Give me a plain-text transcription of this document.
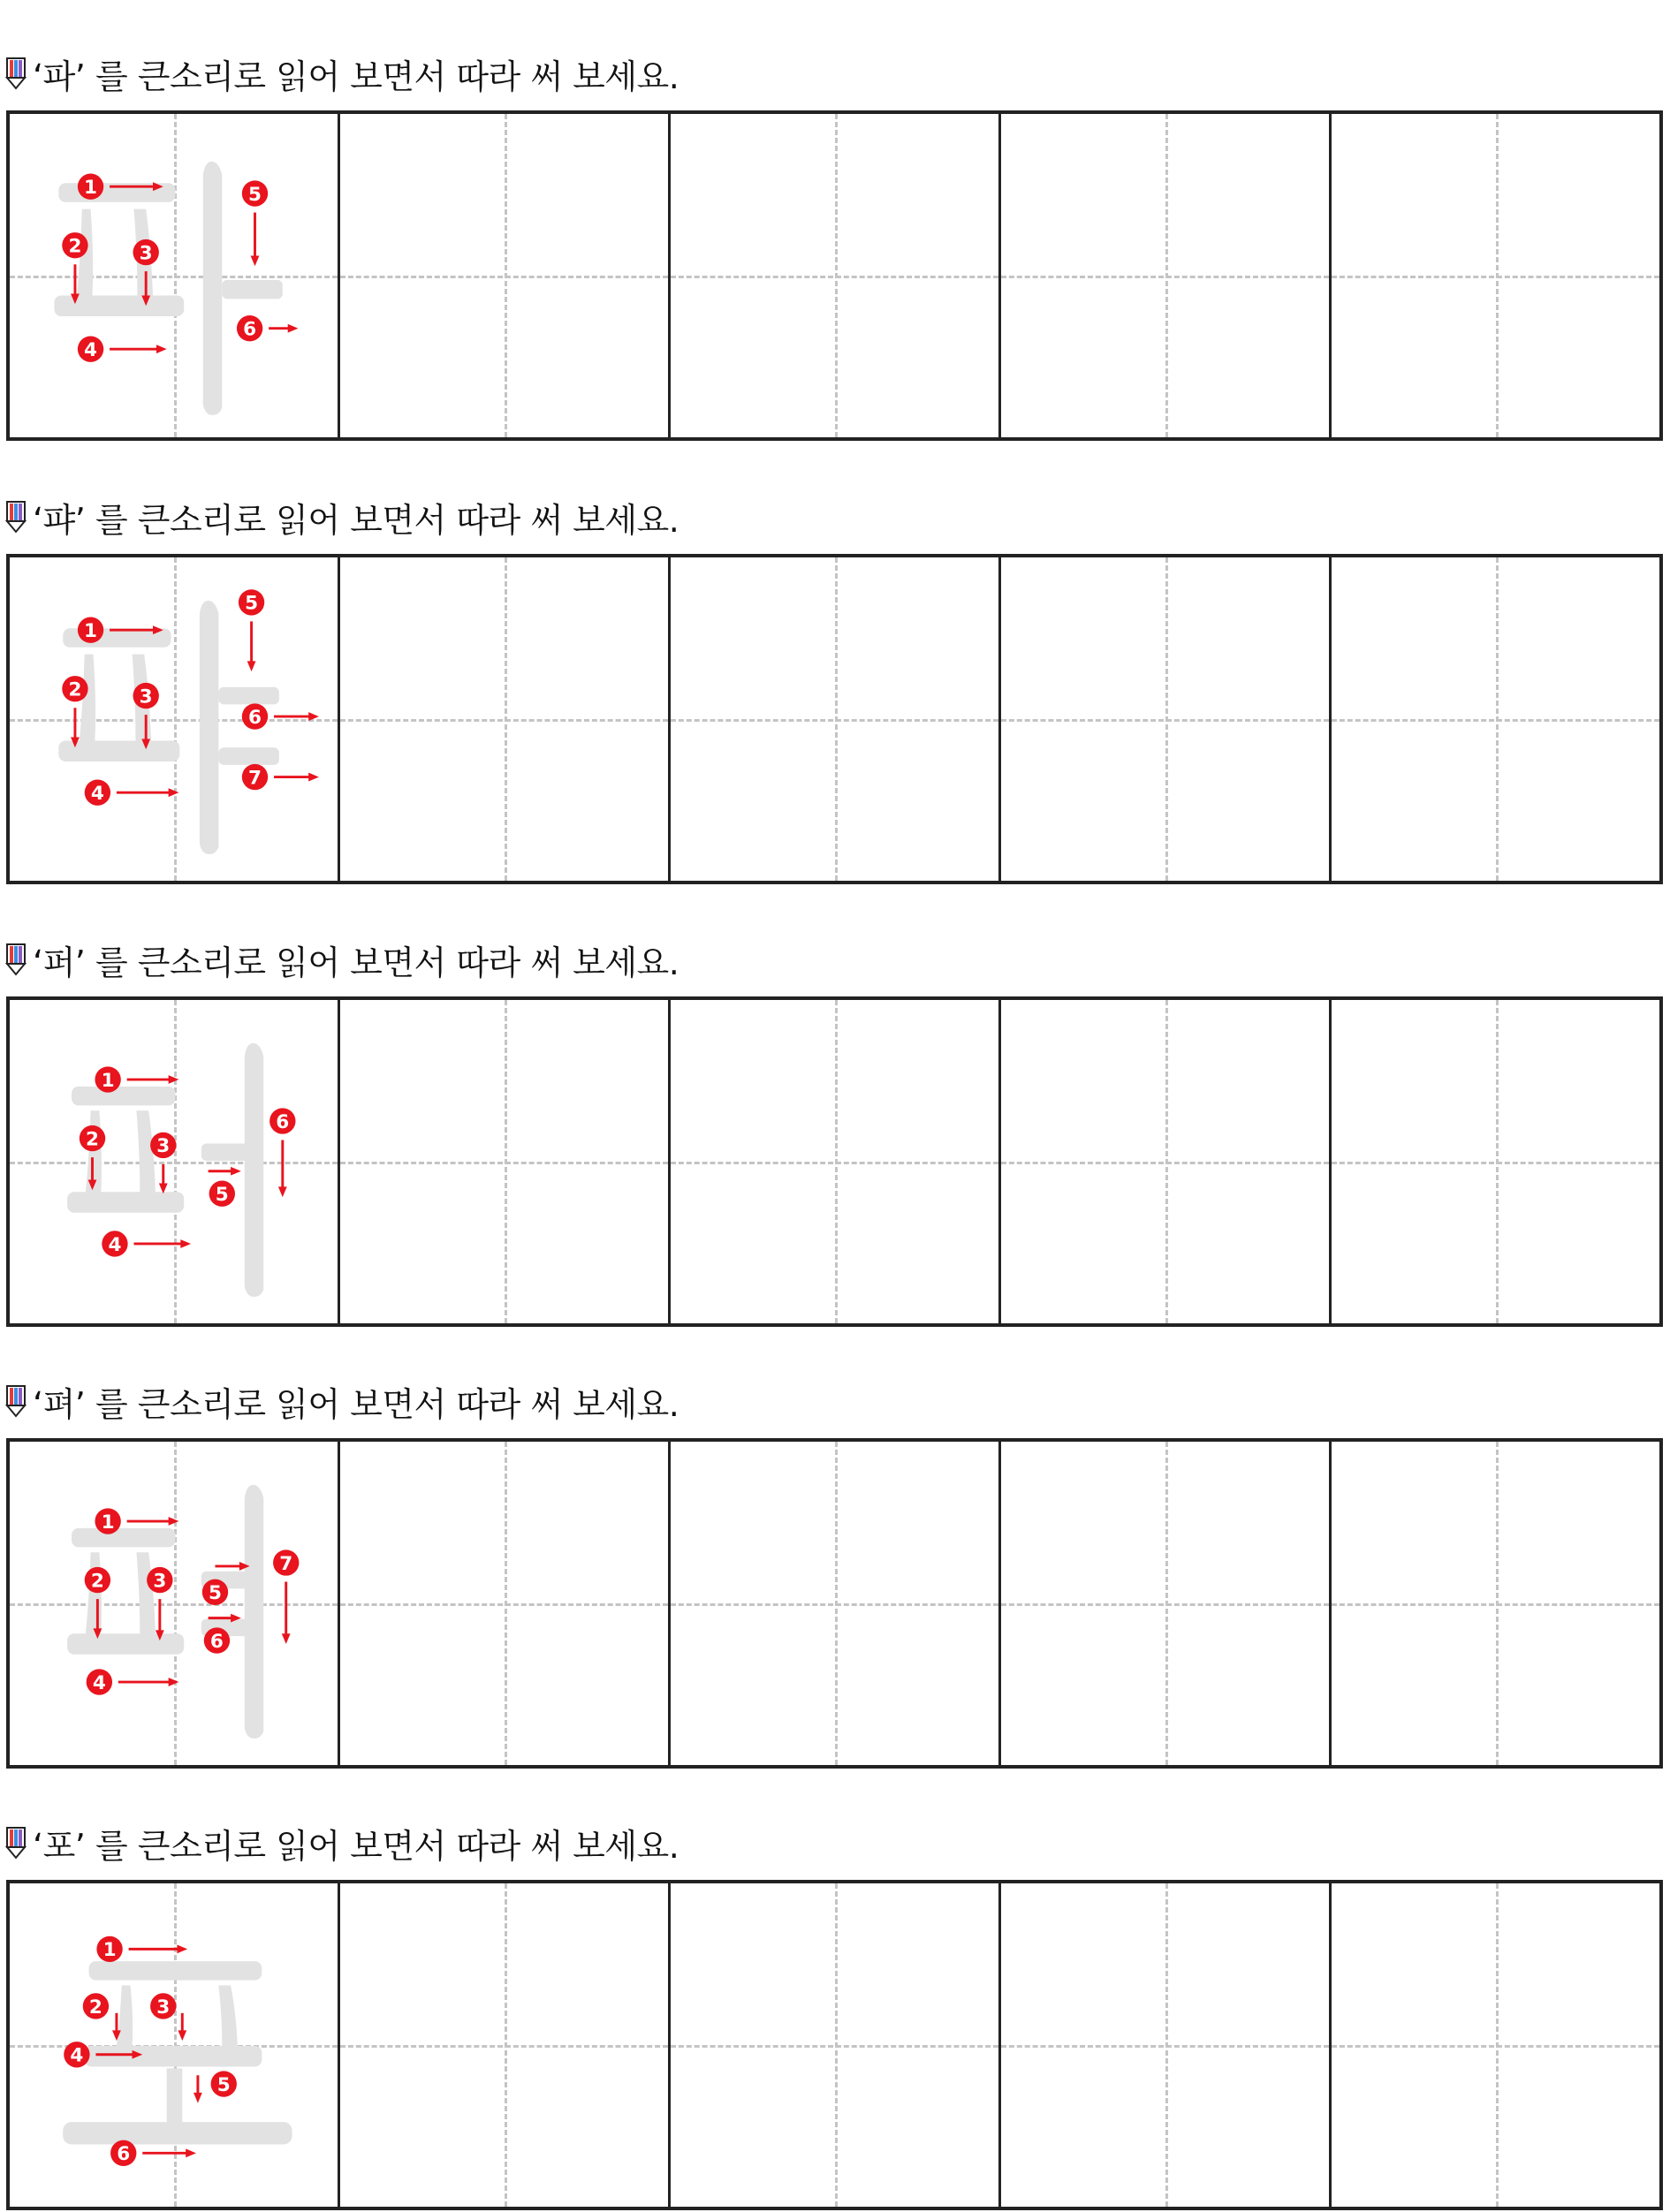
‘파’ 를 큰소리로 읽어 보면서 따라 써 보세요.
1	5
2	3
6
4
‘퍄’ 를 큰소리로 읽어 보면서 따라 써 보세요.
1
5
2	3
6
7
4
‘퍼’ 를 큰소리로 읽어 보면서 따라 써 보세요.
1
6
2	3
5
4
‘펴’ 를 큰소리로 읽어 보면서 따라 써 보세요.
1
7
2	3
5
6
4
‘포’ 를 큰소리로 읽어 보면서 따라 써 보세요.
1
2	3
4
5
6
